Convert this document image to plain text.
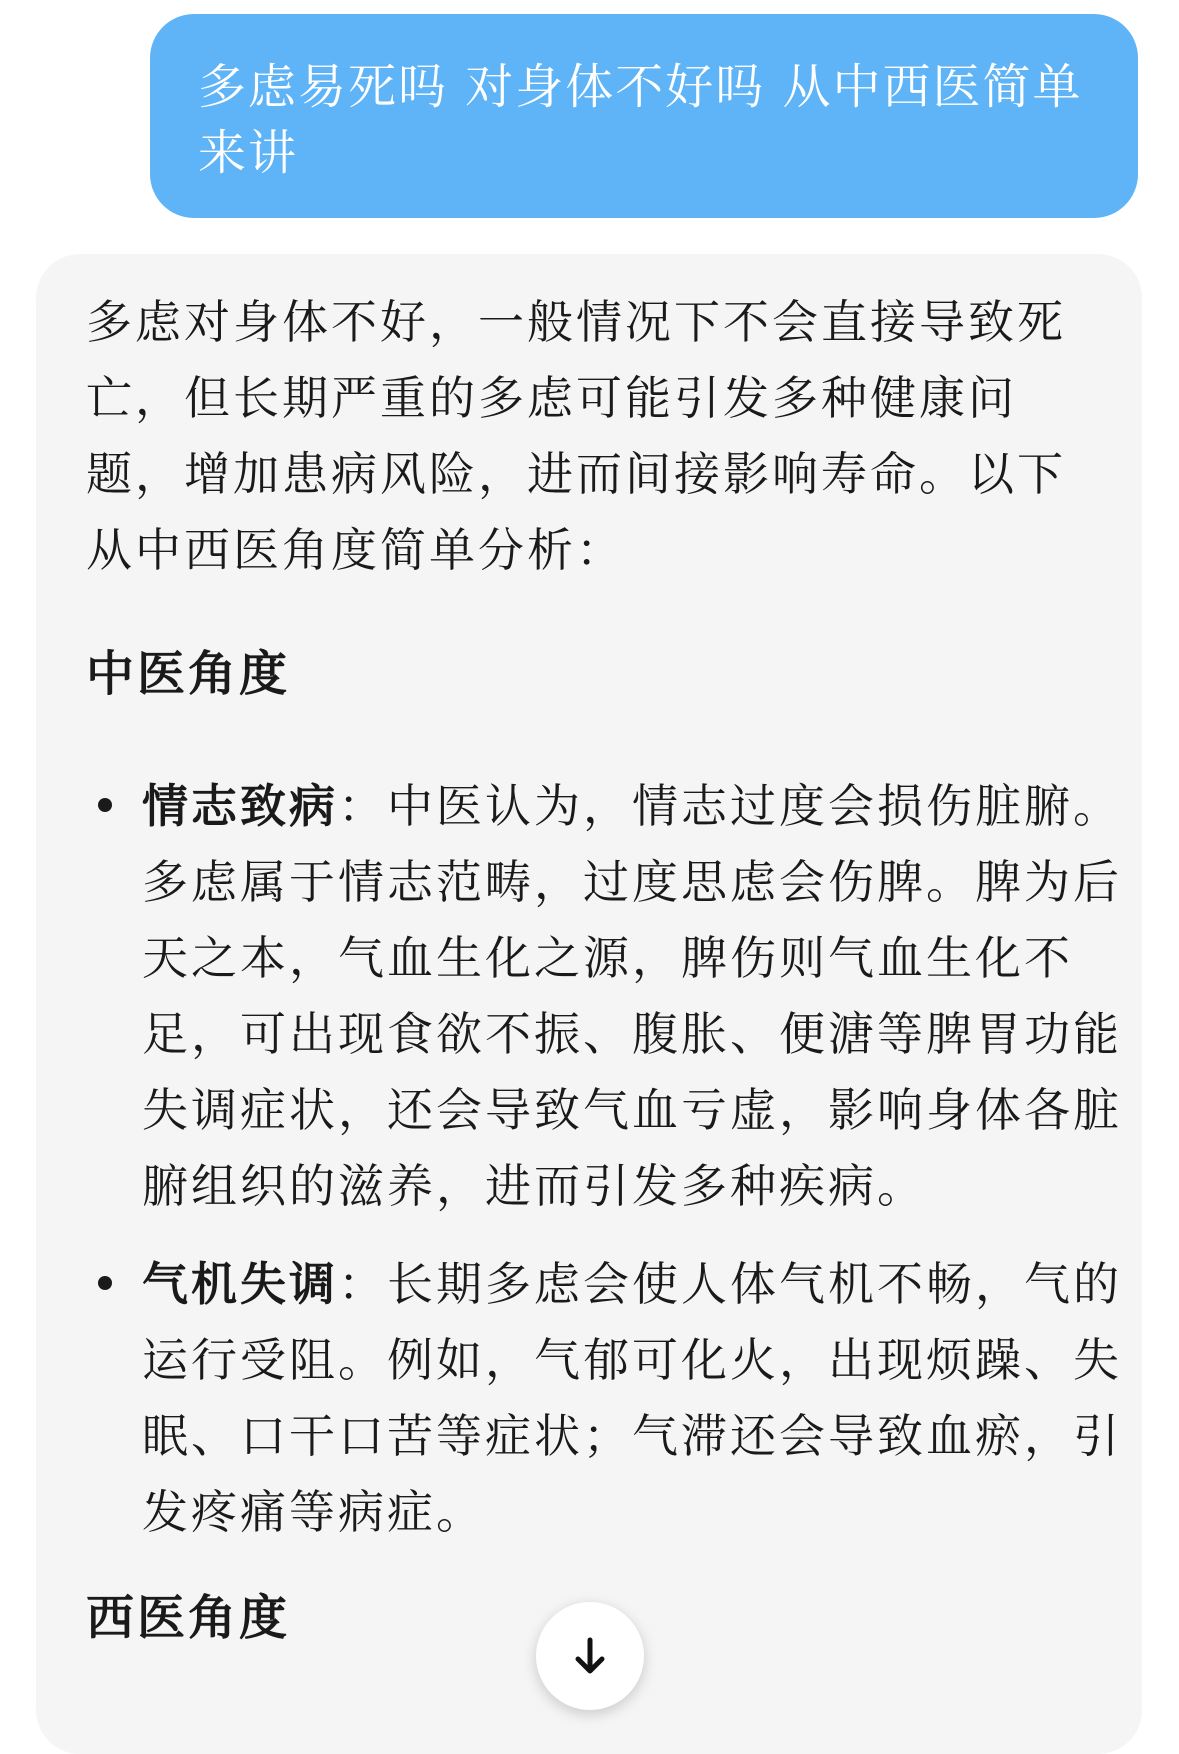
多虑易死吗 对身体不好吗 从中西医简单来讲

多虑对身体不好，一般情况下不会直接导致死亡，但长期严重的多虑可能引发多种健康问题，增加患病风险，进而间接影响寿命。以下从中西医角度简单分析：

中医角度
情志致病：中医认为，情志过度会损伤脏腑。多虑属于情志范畴，过度思虑会伤脾。脾为后天之本，气血生化之源，脾伤则气血生化不足，可出现食欲不振、腹胀、便溏等脾胃功能失调症状，还会导致气血亏虚，影响身体各脏腑组织的滋养，进而引发多种疾病。
气机失调：长期多虑会使人体气机不畅，气的运行受阻。例如，气郁可化火，出现烦躁、失眠、口干口苦等症状；气滞还会导致血瘀，引发疼痛等病症。
西医角度
